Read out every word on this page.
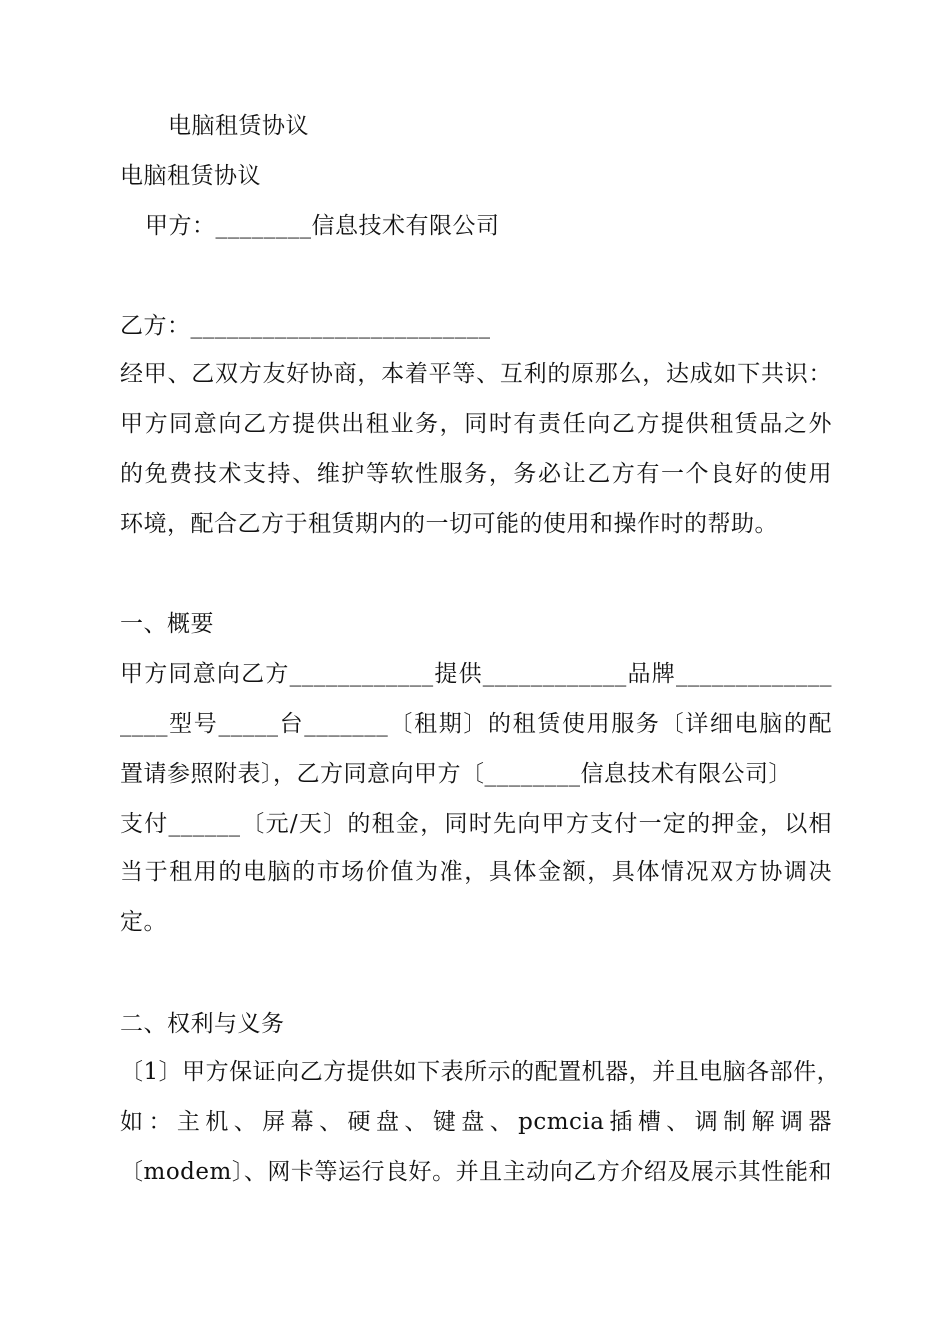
电脑租赁协议
电脑租赁协议
甲方：________信息技术有限公司
乙方：_________________________
经甲、乙双方友好协商，本着平等、互利的原那么，达成如下共识：
甲方同意向乙方提供出租业务，同时有责任向乙方提供租赁品之外
的免费技术支持、维护等软性服务，务必让乙方有一个良好的使用
环境，配合乙方于租赁期内的一切可能的使用和操作时的帮助。
一、概要
甲方同意向乙方____________提供____________品牌_____________
____型号_____台_______〔租期〕的租赁使用服务〔详细电脑的配
置请参照附表〕，乙方同意向甲方〔________信息技术有限公司〕
支付______〔元/天〕的租金，同时先向甲方支付一定的押金，以相
当于租用的电脑的市场价值为准，具体金额，具体情况双方协调决
定。
二、权利与义务
〔1〕甲方保证向乙方提供如下表所示的配置机器，并且电脑各部件，
如：主机、屏幕、硬盘、键盘、pcmcia插槽、调制解调器
〔modem〕、网卡等运行良好。并且主动向乙方介绍及展示其性能和
